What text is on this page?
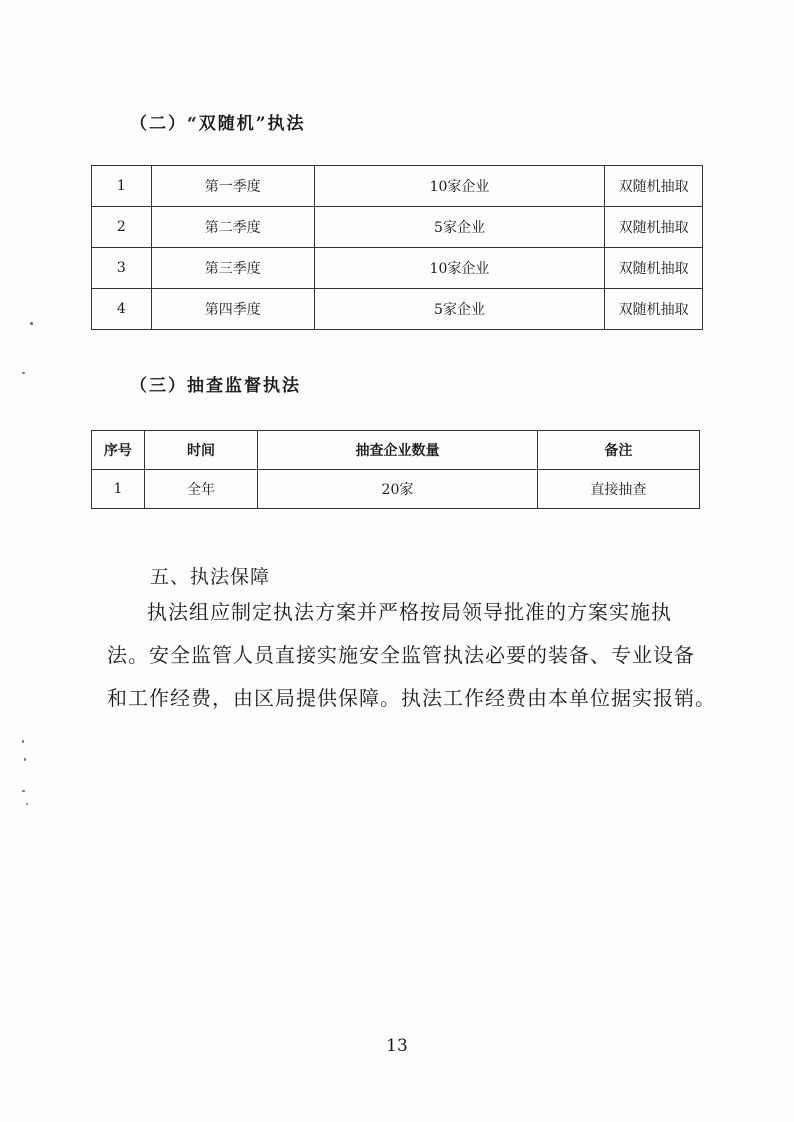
（二）“双随机”执法
1	第一季度	10家企业	双随机抽取
2	第二季度	5家企业	双随机抽取
3	第三季度	10家企业	双随机抽取
4	第四季度	5家企业	双随机抽取
（三）抽查监督执法
序号	时间	抽查企业数量	备注
1	全年	20家	直接抽查
五、执法保障
执法组应制定执法方案并严格按局领导批准的方案实施执
法。安全监管人员直接实施安全监管执法必要的装备、专业设备
和工作经费，由区局提供保障。执法工作经费由本单位据实报销。
13
